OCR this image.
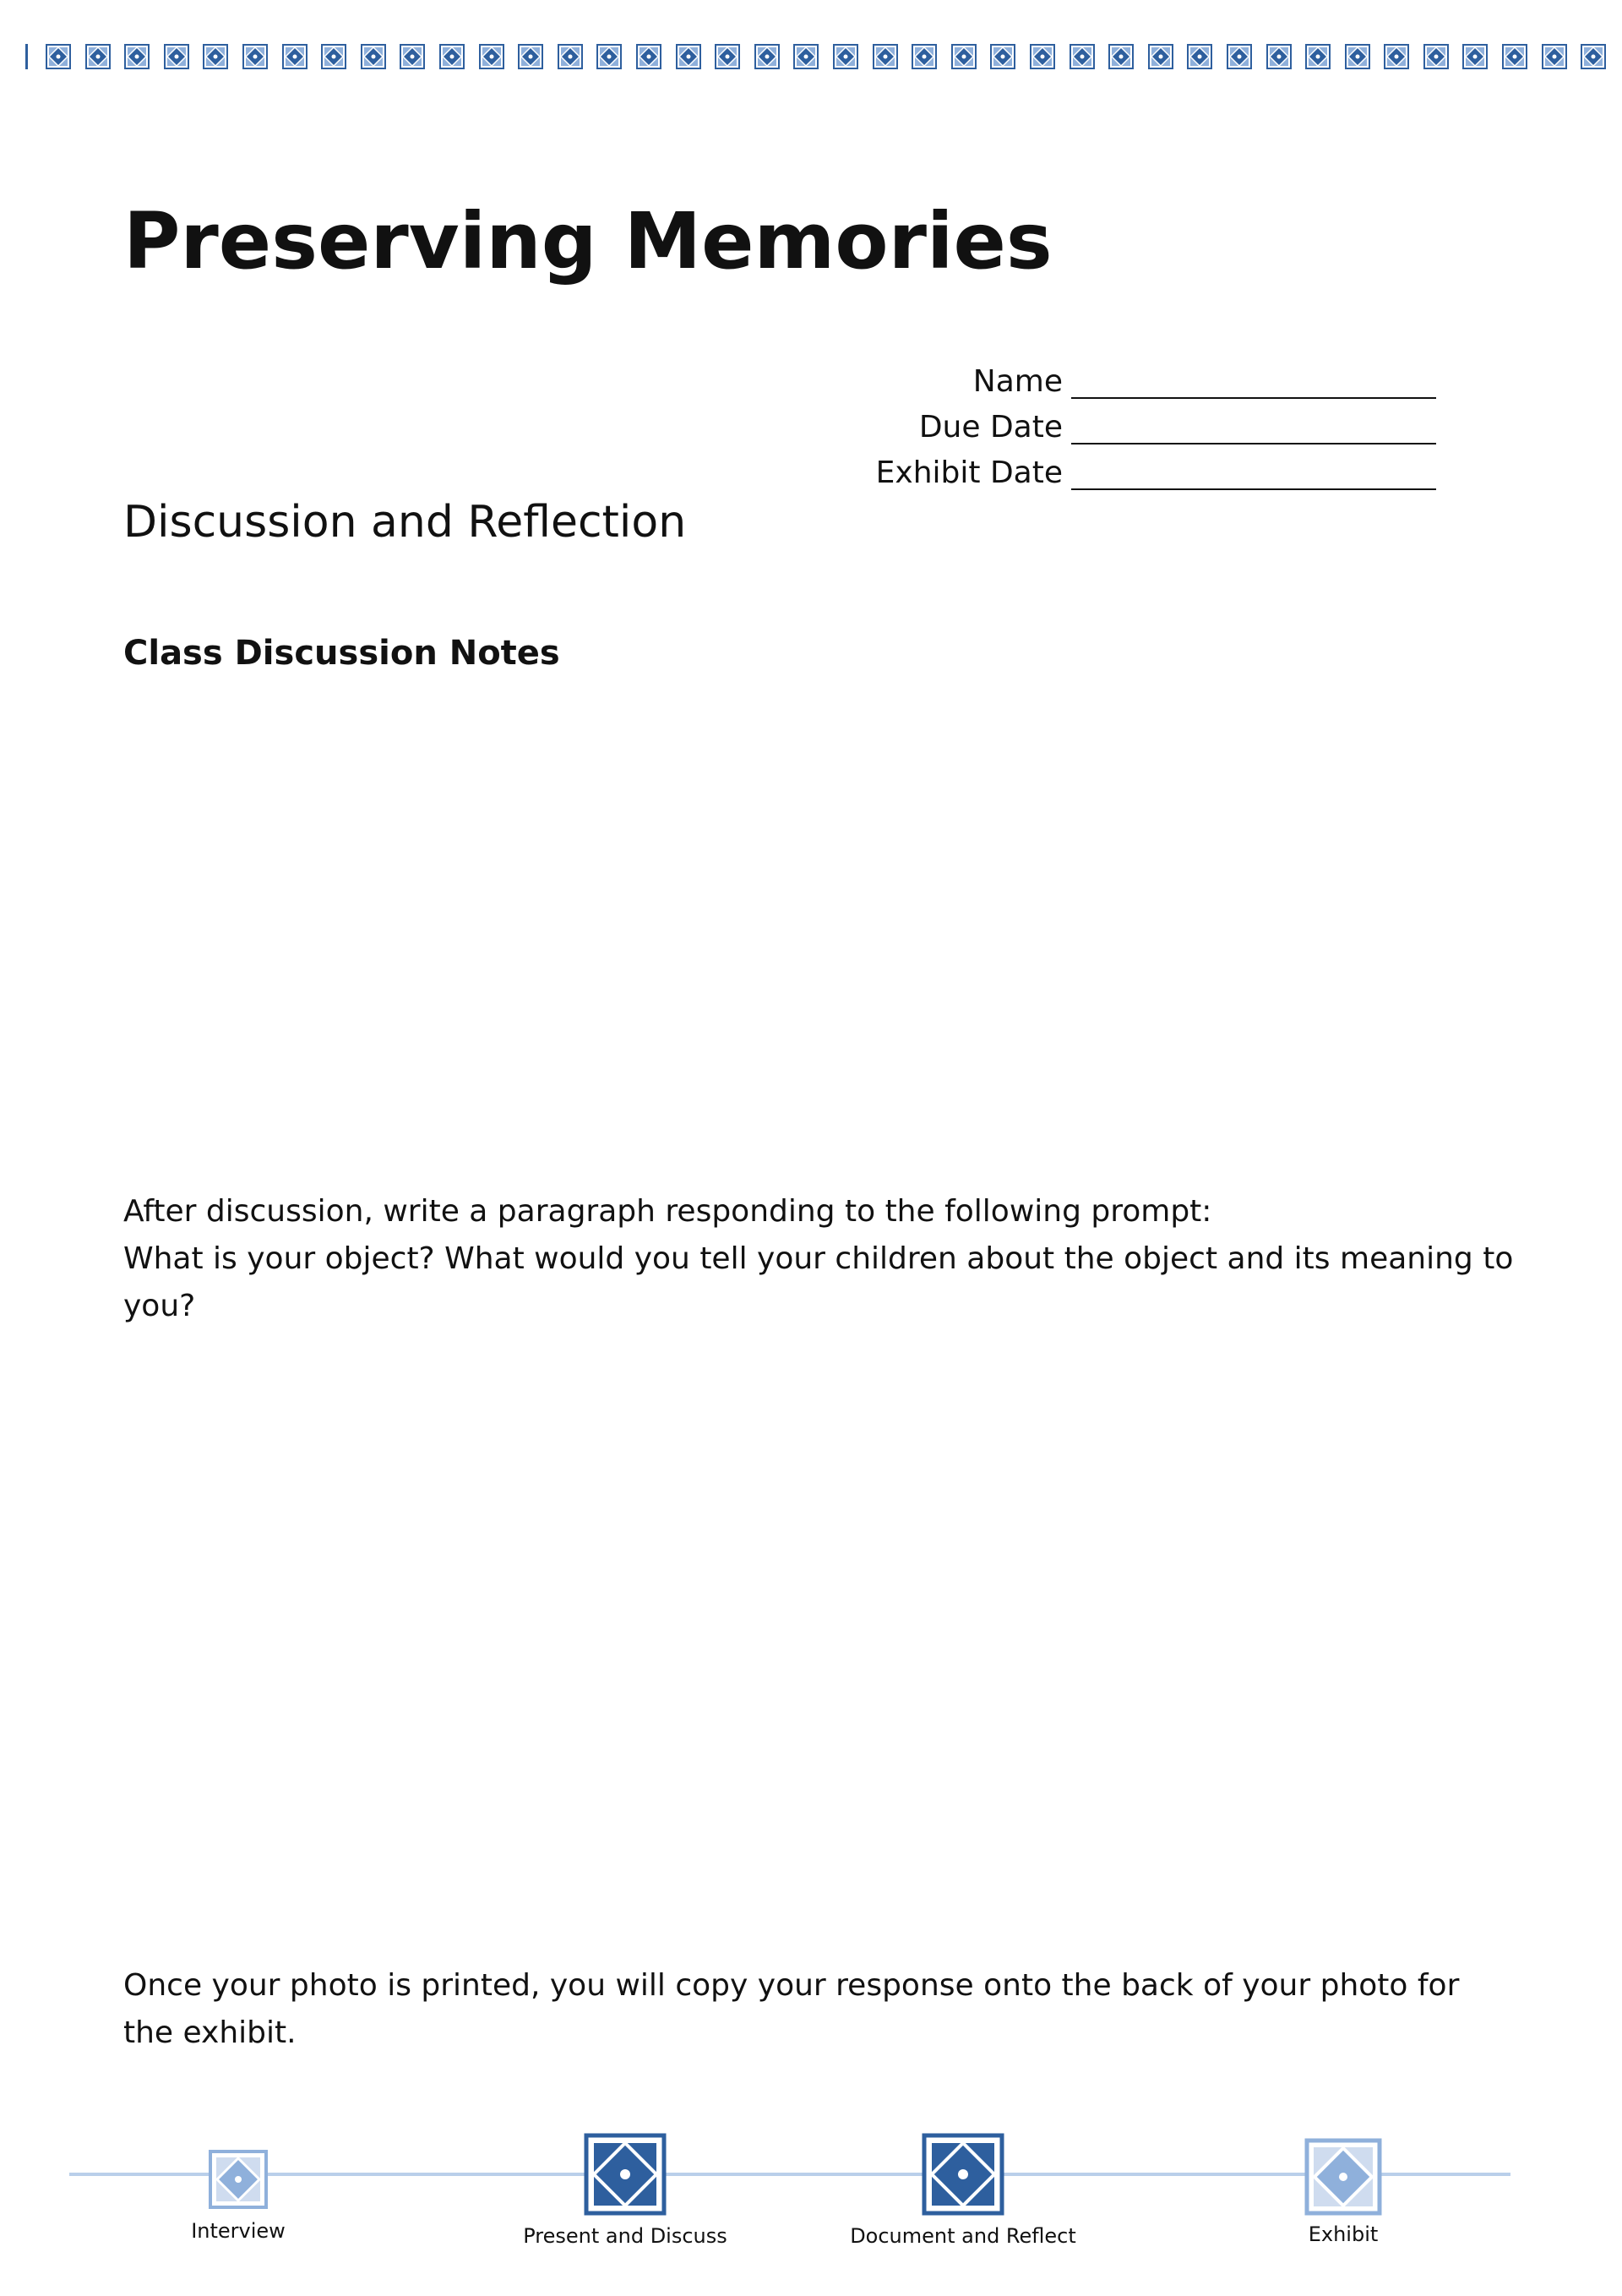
Preserving Memories
Name
Due Date
Exhibit Date
Discussion and Reflection
Class Discussion Notes
After discussion, write a paragraph responding to the following prompt:
What is your object? What would you tell your children about the object and its meaning to you?
Once your photo is printed, you will copy your response onto the back of your photo for the exhibit.
Interview	Present and Discuss	Document and Reflect	Exhibit
